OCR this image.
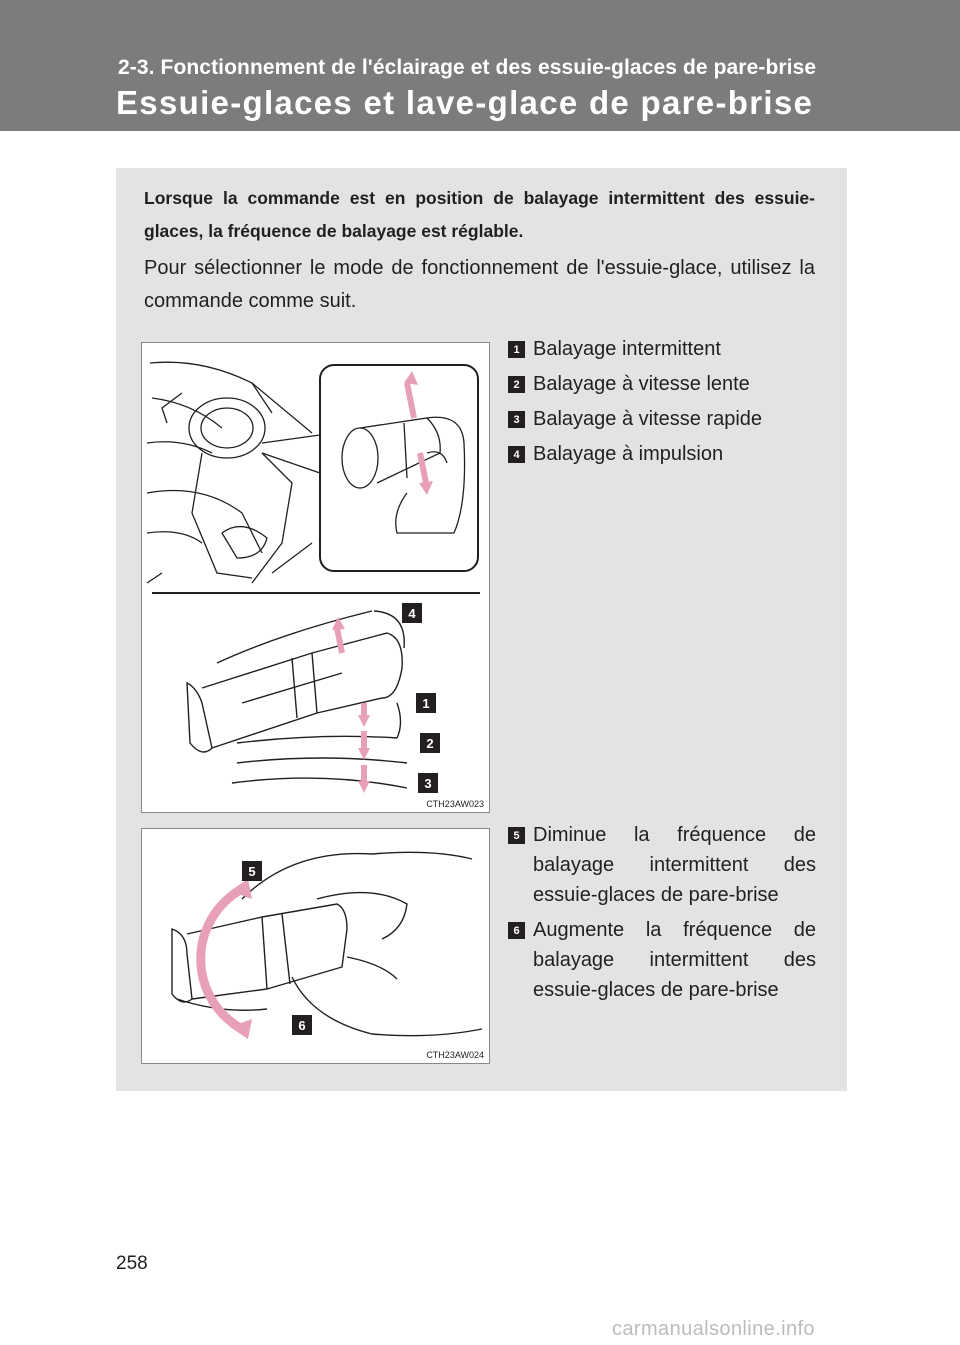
2-3. Fonctionnement de l'éclairage et des essuie-glaces de pare-brise
Essuie-glaces et lave-glace de pare-brise
Lorsque la commande est en position de balayage intermittent des essuie-glaces, la fréquence de balayage est réglable.
Pour sélectionner le mode de fonctionnement de l'essuie-glace, utilisez la commande comme suit.
4
1
2
3
CTH23AW023
1 Balayage intermittent
2 Balayage à vitesse lente
3 Balayage à vitesse rapide
4 Balayage à impulsion
5
6
CTH23AW024
5 Diminue la fréquence de balayage intermittent des essuie-glaces de pare-brise
6 Augmente la fréquence de balayage intermittent des essuie-glaces de pare-brise
258
carmanualsonline.info
